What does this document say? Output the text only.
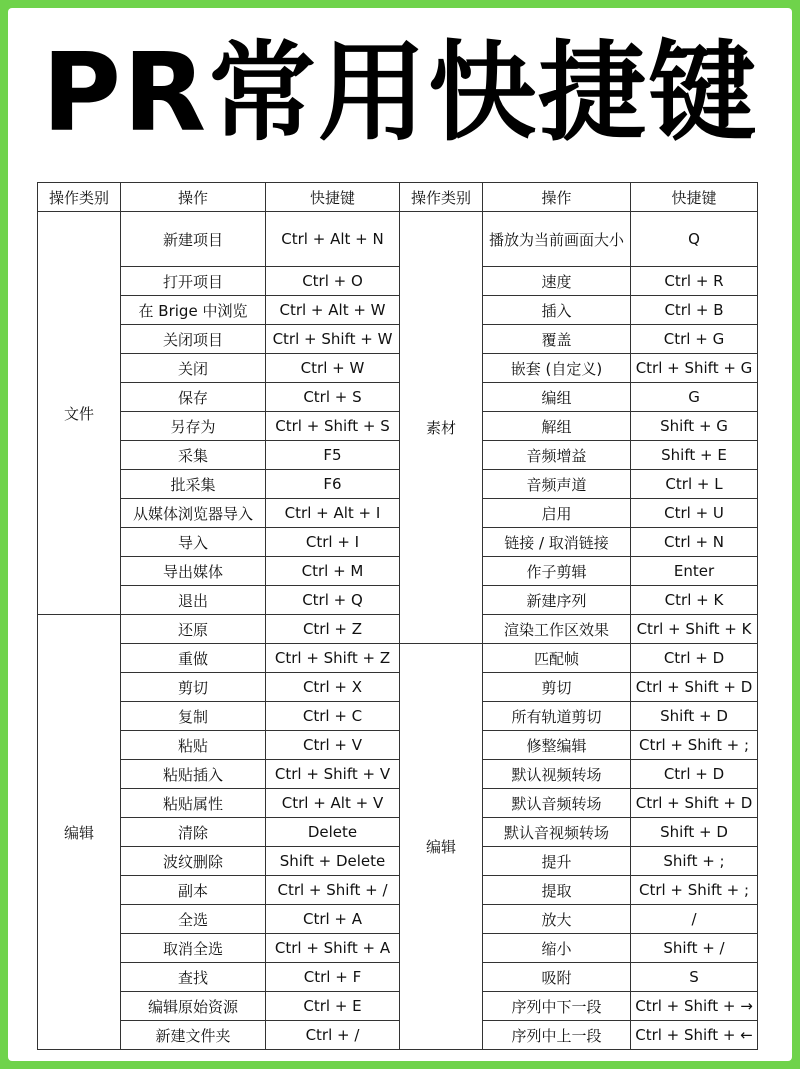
PR常用快捷键
操作类别	操作	快捷键	操作类别	操作	快捷键
文件	新建项目	Ctrl + Alt + N	素材	播放为当前画面大小	Q
	打开项目	Ctrl + O		速度	Ctrl + R
	在 Brige 中浏览	Ctrl + Alt + W		插入	Ctrl + B
	关闭项目	Ctrl + Shift + W		覆盖	Ctrl + G
	关闭	Ctrl + W		嵌套 (自定义)	Ctrl + Shift + G
	保存	Ctrl + S		编组	G
	另存为	Ctrl + Shift + S		解组	Shift + G
	采集	F5		音频增益	Shift + E
	批采集	F6		音频声道	Ctrl + L
	从媒体浏览器导入	Ctrl + Alt + I		启用	Ctrl + U
	导入	Ctrl + I		链接 / 取消链接	Ctrl + N
	导出媒体	Ctrl + M		作子剪辑	Enter
	退出	Ctrl + Q		新建序列	Ctrl + K
编辑	还原	Ctrl + Z		渲染工作区效果	Ctrl + Shift + K
	重做	Ctrl + Shift + Z	编辑	匹配帧	Ctrl + D
	剪切	Ctrl + X		剪切	Ctrl + Shift + D
	复制	Ctrl + C		所有轨道剪切	Shift + D
	粘贴	Ctrl + V		修整编辑	Ctrl + Shift + ;
	粘贴插入	Ctrl + Shift + V		默认视频转场	Ctrl + D
	粘贴属性	Ctrl + Alt + V		默认音频转场	Ctrl + Shift + D
	清除	Delete		默认音视频转场	Shift + D
	波纹删除	Shift + Delete		提升	Shift + ;
	副本	Ctrl + Shift + /		提取	Ctrl + Shift + ;
	全选	Ctrl + A		放大	/
	取消全选	Ctrl + Shift + A		缩小	Shift + /
	查找	Ctrl + F		吸附	S
	编辑原始资源	Ctrl + E		序列中下一段	Ctrl + Shift + →
	新建文件夹	Ctrl + /		序列中上一段	Ctrl + Shift + ←
